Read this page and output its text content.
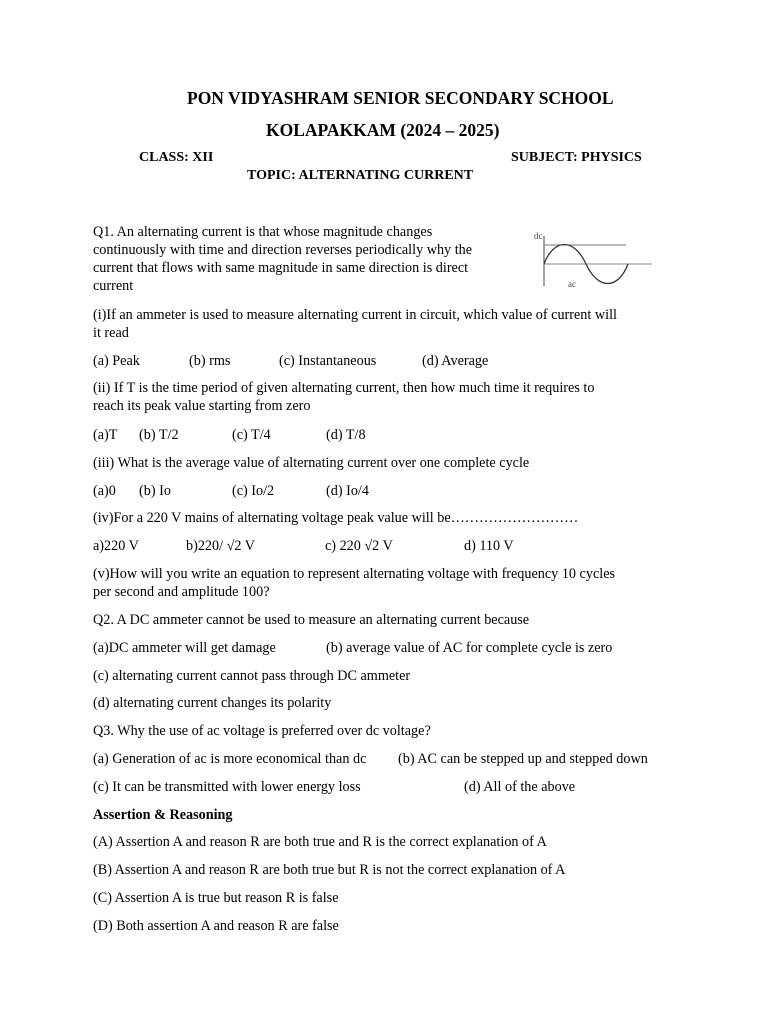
PON VIDYASHRAM SENIOR SECONDARY SCHOOL
KOLAPAKKAM (2024 – 2025)
CLASS: XII	SUBJECT: PHYSICS
TOPIC: ALTERNATING CURRENT
Q1. An alternating current is that whose magnitude changes
continuously with time and direction reverses periodically why the
current that flows with same magnitude in same direction is direct
current
dc
ac
(i)If an ammeter is used to measure alternating current in circuit, which value of current will
it read
(a) Peak	(b) rms	(c) Instantaneous	(d) Average
(ii) If T is the time period of given alternating current, then how much time it requires to
reach its peak value starting from zero
(a)T (b) T/2	(c) T/4	(d) T/8
(iii) What is the average value of alternating current over one complete cycle
(a)0 (b) Io	(c) Io/2	(d) Io/4
(iv)For a 220 V mains of alternating voltage peak value will be………………………
a)220 V	b)220/ √2 V	c) 220 √2 V	d) 110 V
(v)How will you write an equation to represent alternating voltage with frequency 10 cycles
per second and amplitude 100?
Q2. A DC ammeter cannot be used to measure an alternating current because
(a)DC ammeter will get damage	(b) average value of AC for complete cycle is zero
(c) alternating current cannot pass through DC ammeter
(d) alternating current changes its polarity
Q3. Why the use of ac voltage is preferred over dc voltage?
(a) Generation of ac is more economical than dc (b) AC can be stepped up and stepped down
(c) It can be transmitted with lower energy loss	(d) All of the above
Assertion & Reasoning
(A) Assertion A and reason R are both true and R is the correct explanation of A
(B) Assertion A and reason R are both true but R is not the correct explanation of A
(C) Assertion A is true but reason R is false
(D) Both assertion A and reason R are false
